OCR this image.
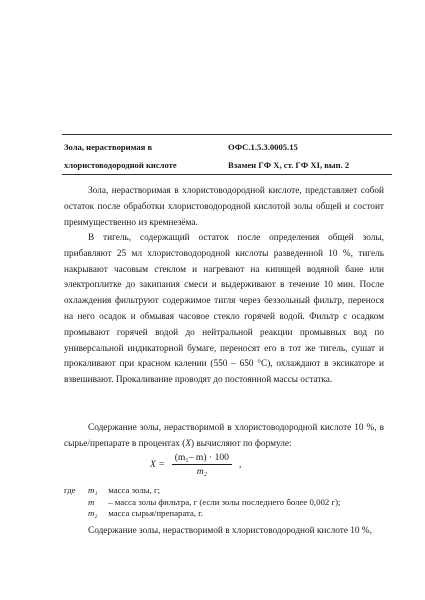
Зола, нерастворимая в
хлористоводородной кислоте
ОФС.1.5.3.0005.15
Взамен ГФ X, ст. ГФ XI, вып. 2
Зола, нерастворимая в хлористоводородной кислоте, представляет собой остаток после обработки хлористоводородной кислотой золы общей и состоит преимущественно из кремнезёма.
В тигель, содержащий остаток после определения общей золы, прибавляют 25 мл хлористоводородной кислоты разведенной 10 %, тигель накрывают часовым стеклом и нагревают на кипящей водяной бане или электроплитке до закипания смеси и выдерживают в течение 10 мин. После охлаждения фильтруют содержимое тигля через беззольный фильтр, перенося на него осадок и обмывая часовое стекло горячей водой. Фильтр с осадком промывают горячей водой до нейтральной реакции промывных вод по универсальной индикаторной бумаге, переносят его в тот же тигель, сушат и прокаливают при красном калении (550 – 650 °С), охлаждают в эксикаторе и взвешивают. Прокаливание проводят до постоянной массы остатка.
Содержание золы, нерастворимой в хлористоводородной кислоте 10 %, в сырье/препарате в процентах (X) вычисляют по формуле:
$X = \frac{\text{(m₁– m) · 100}}{\text{m₂}}$ ,
где m₁ масса золы, г;
m – масса золы фильтра, г (если золы последнего более 0,002 г);
m₂ масса сырья/препарата, г.
Содержание золы, нерастворимой в хлористоводородной кислоте 10 %,
